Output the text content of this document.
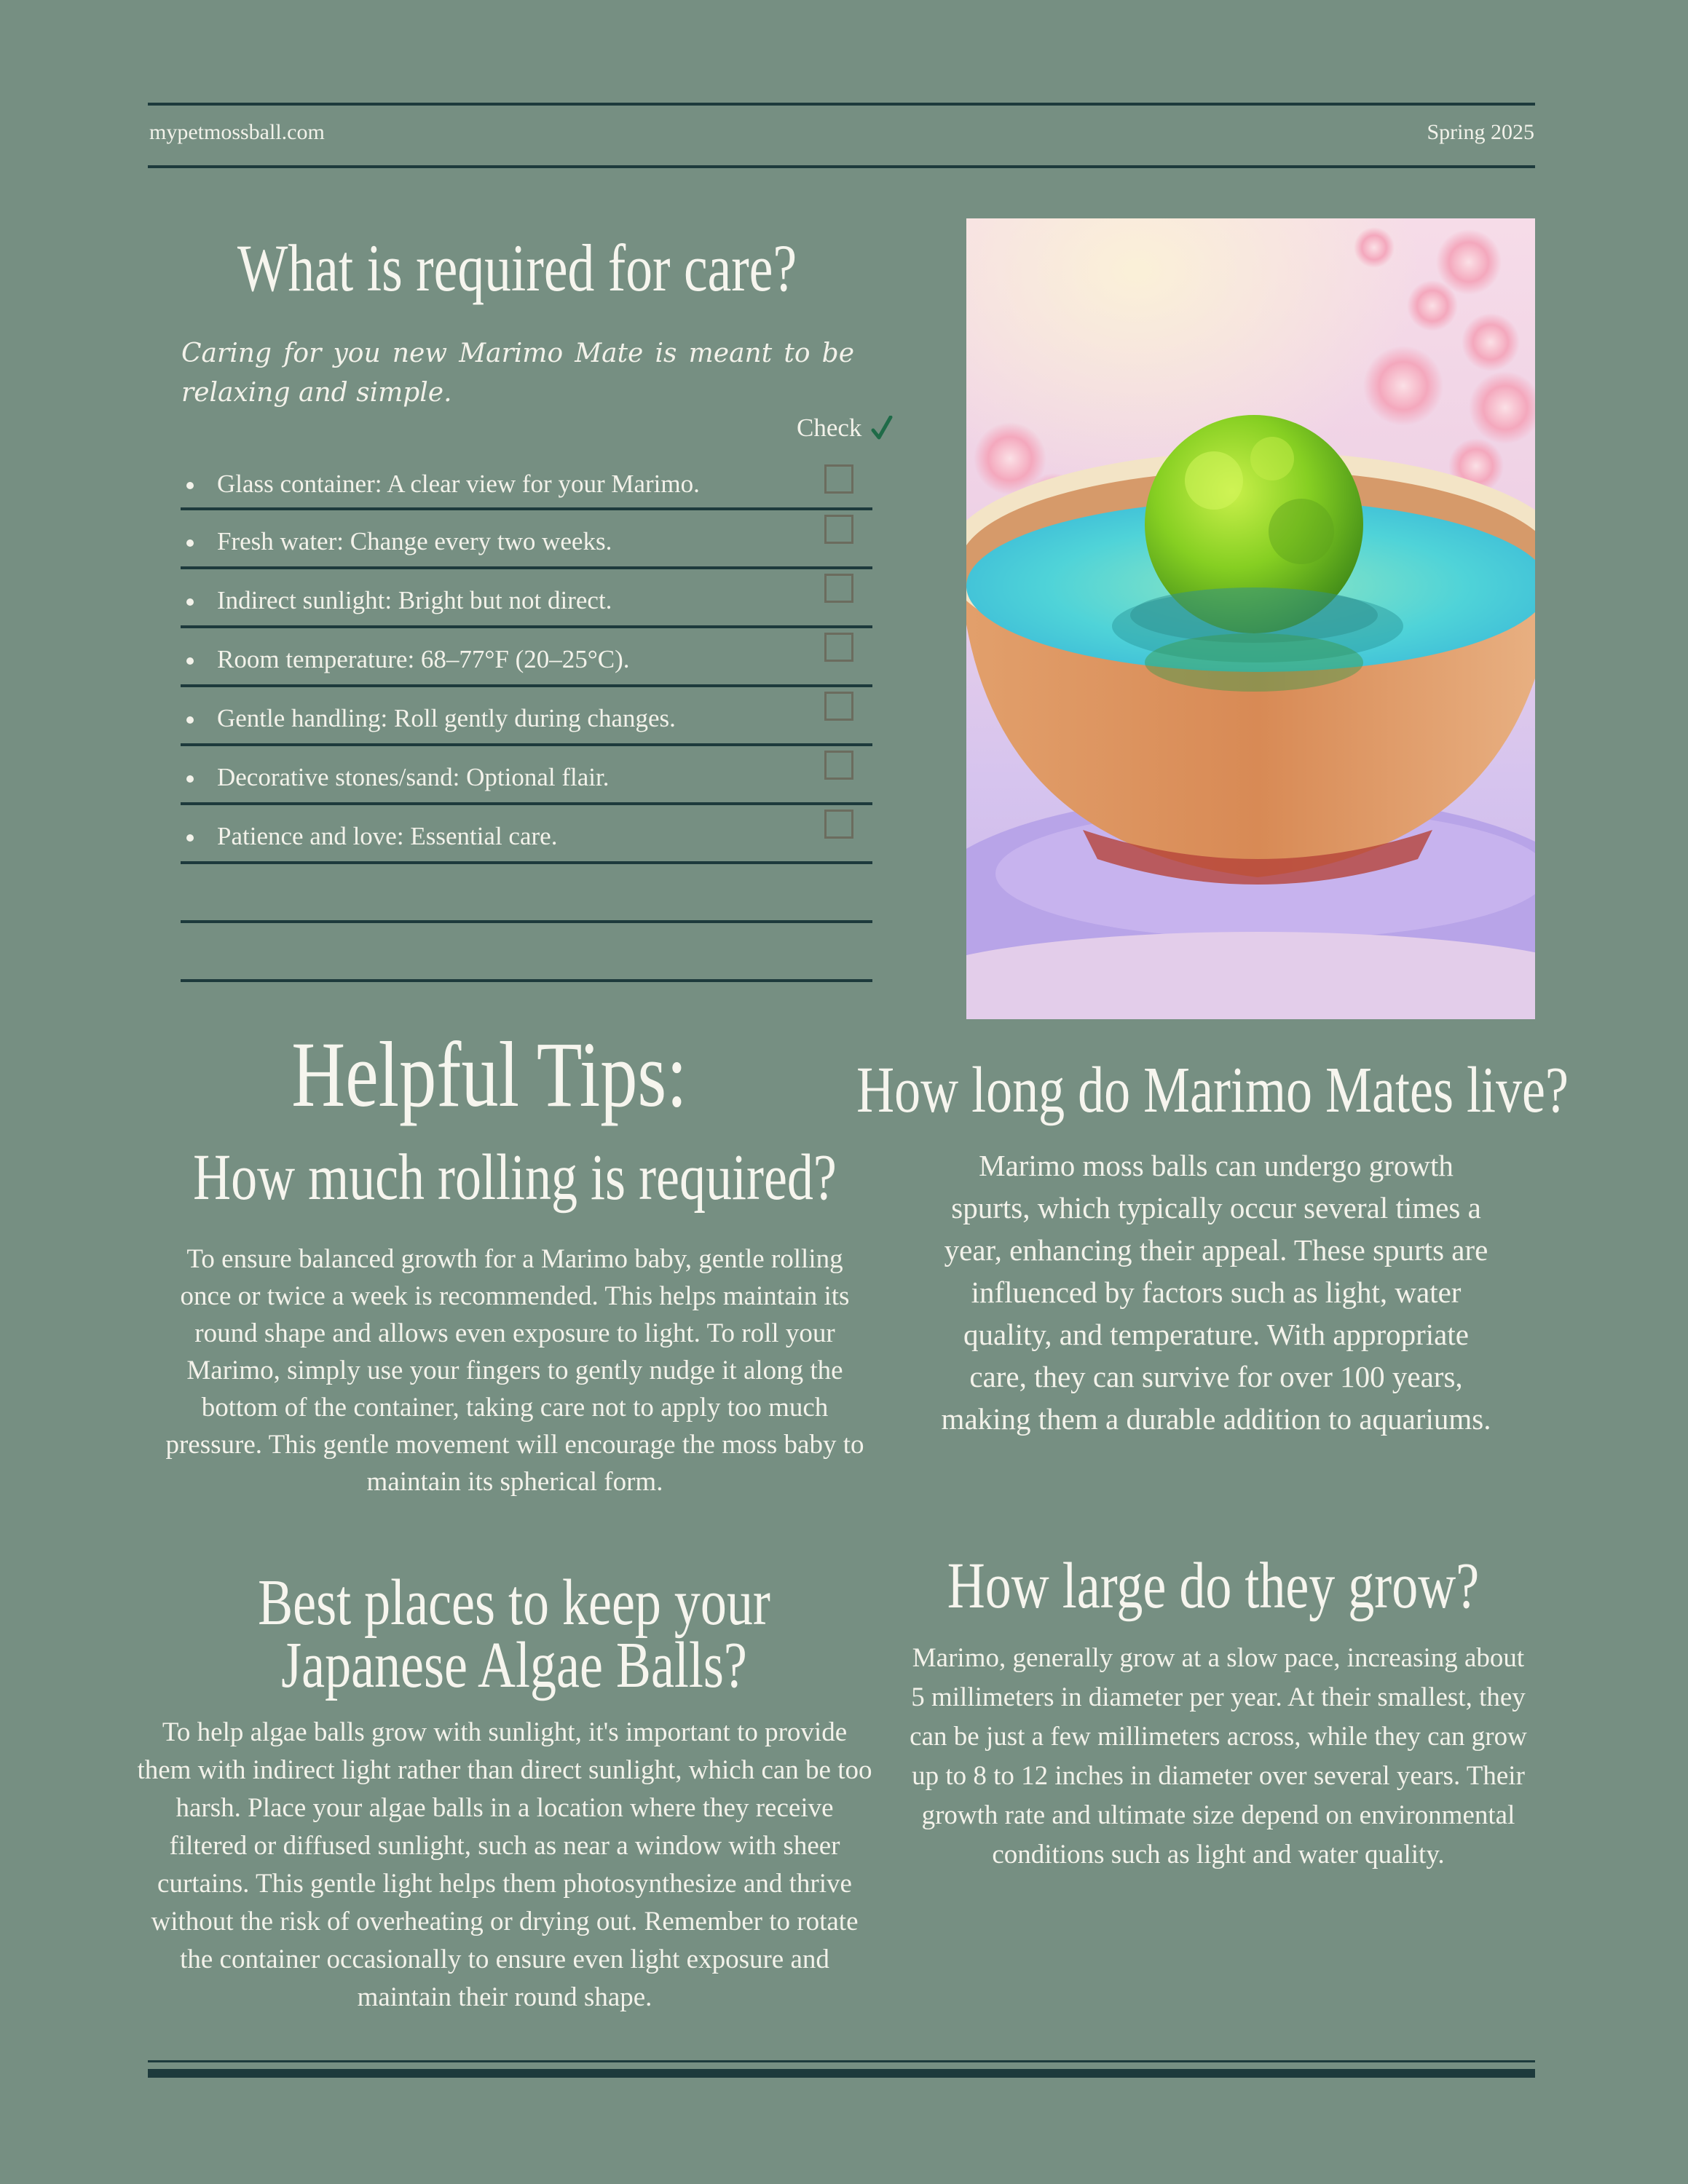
mypetmossball.com	Spring 2025
What is required for care?
Caring for you new Marimo Mate is meant to be relaxing and simple.
Check
Glass container: A clear view for your Marimo.
Fresh water: Change every two weeks.
Indirect sunlight: Bright but not direct.
Room temperature: 68–77°F (20–25°C).
Gentle handling: Roll gently during changes.
Decorative stones/sand: Optional flair.
Patience and love: Essential care.
Helpful Tips:
How much rolling is required?
To ensure balanced growth for a Marimo baby, gentle rolling once or twice a week is recommended. This helps maintain its round shape and allows even exposure to light. To roll your Marimo, simply use your fingers to gently nudge it along the bottom of the container, taking care not to apply too much pressure. This gentle movement will encourage the moss baby to maintain its spherical form.
Best places to keep your
Japanese Algae Balls?
To help algae balls grow with sunlight, it's important to provide them with indirect light rather than direct sunlight, which can be too harsh. Place your algae balls in a location where they receive filtered or diffused sunlight, such as near a window with sheer curtains. This gentle light helps them photosynthesize and thrive without the risk of overheating or drying out. Remember to rotate the container occasionally to ensure even light exposure and maintain their round shape.
How long do Marimo Mates live?
Marimo moss balls can undergo growth spurts, which typically occur several times a year, enhancing their appeal. These spurts are influenced by factors such as light, water quality, and temperature. With appropriate care, they can survive for over 100 years, making them a durable addition to aquariums.
How large do they grow?
Marimo, generally grow at a slow pace, increasing about 5 millimeters in diameter per year. At their smallest, they can be just a few millimeters across, while they can grow up to 8 to 12 inches in diameter over several years. Their growth rate and ultimate size depend on environmental conditions such as light and water quality.
